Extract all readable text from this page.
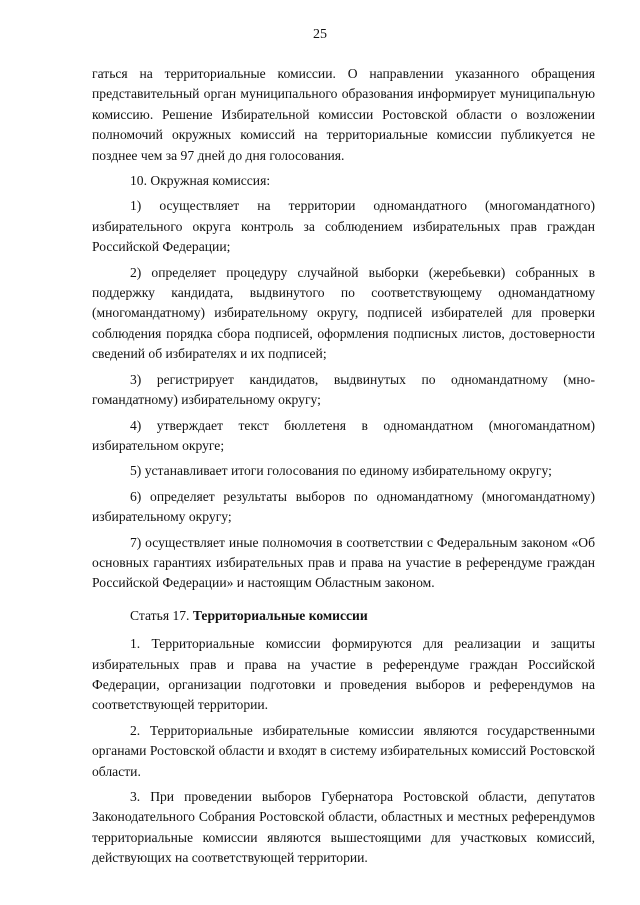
25

гаться на территориальные комиссии. О направлении указанного обращения представительный орган муниципального образования информирует муниципальную комиссию. Решение Избирательной комиссии Ростовской области о возложении полномочий окружных комиссий на территориальные комиссии публикуется не позднее чем за 97 дней до дня голосования.

10. Окружная комиссия:

1) осуществляет на территории одномандатного (многомандатного) избирательного округа контроль за соблюдением избирательных прав граждан Российской Федерации;

2) определяет процедуру случайной выборки (жеребьевки) собранных в поддержку кандидата, выдвинутого по соответствующему одномандатному (многомандатному) избирательному округу, подписей избирателей для проверки соблюдения порядка сбора подписей, оформления подписных листов, достоверности сведений об избирателях и их подписей;

3) регистрирует кандидатов, выдвинутых по одномандатному (многомандатному) избирательному округу;

4) утверждает текст бюллетеня в одномандатном (многомандатном) избирательном округе;

5) устанавливает итоги голосования по единому избирательному округу;

6) определяет результаты выборов по одномандатному (многомандатному) избирательному округу;

7) осуществляет иные полномочия в соответствии с Федеральным законом «Об основных гарантиях избирательных прав и права на участие в референдуме граждан Российской Федерации» и настоящим Областным законом.

Статья 17. Территориальные комиссии

1. Территориальные комиссии формируются для реализации и защиты избирательных прав и права на участие в референдуме граждан Российской Федерации, организации подготовки и проведения выборов и референдумов на соответствующей территории.

2. Территориальные избирательные комиссии являются государственными органами Ростовской области и входят в систему избирательных комиссий Ростовской области.

3. При проведении выборов Губернатора Ростовской области, депутатов Законодательного Собрания Ростовской области, областных и местных референдумов территориальные комиссии являются вышестоящими для участковых комиссий, действующих на соответствующей территории.
